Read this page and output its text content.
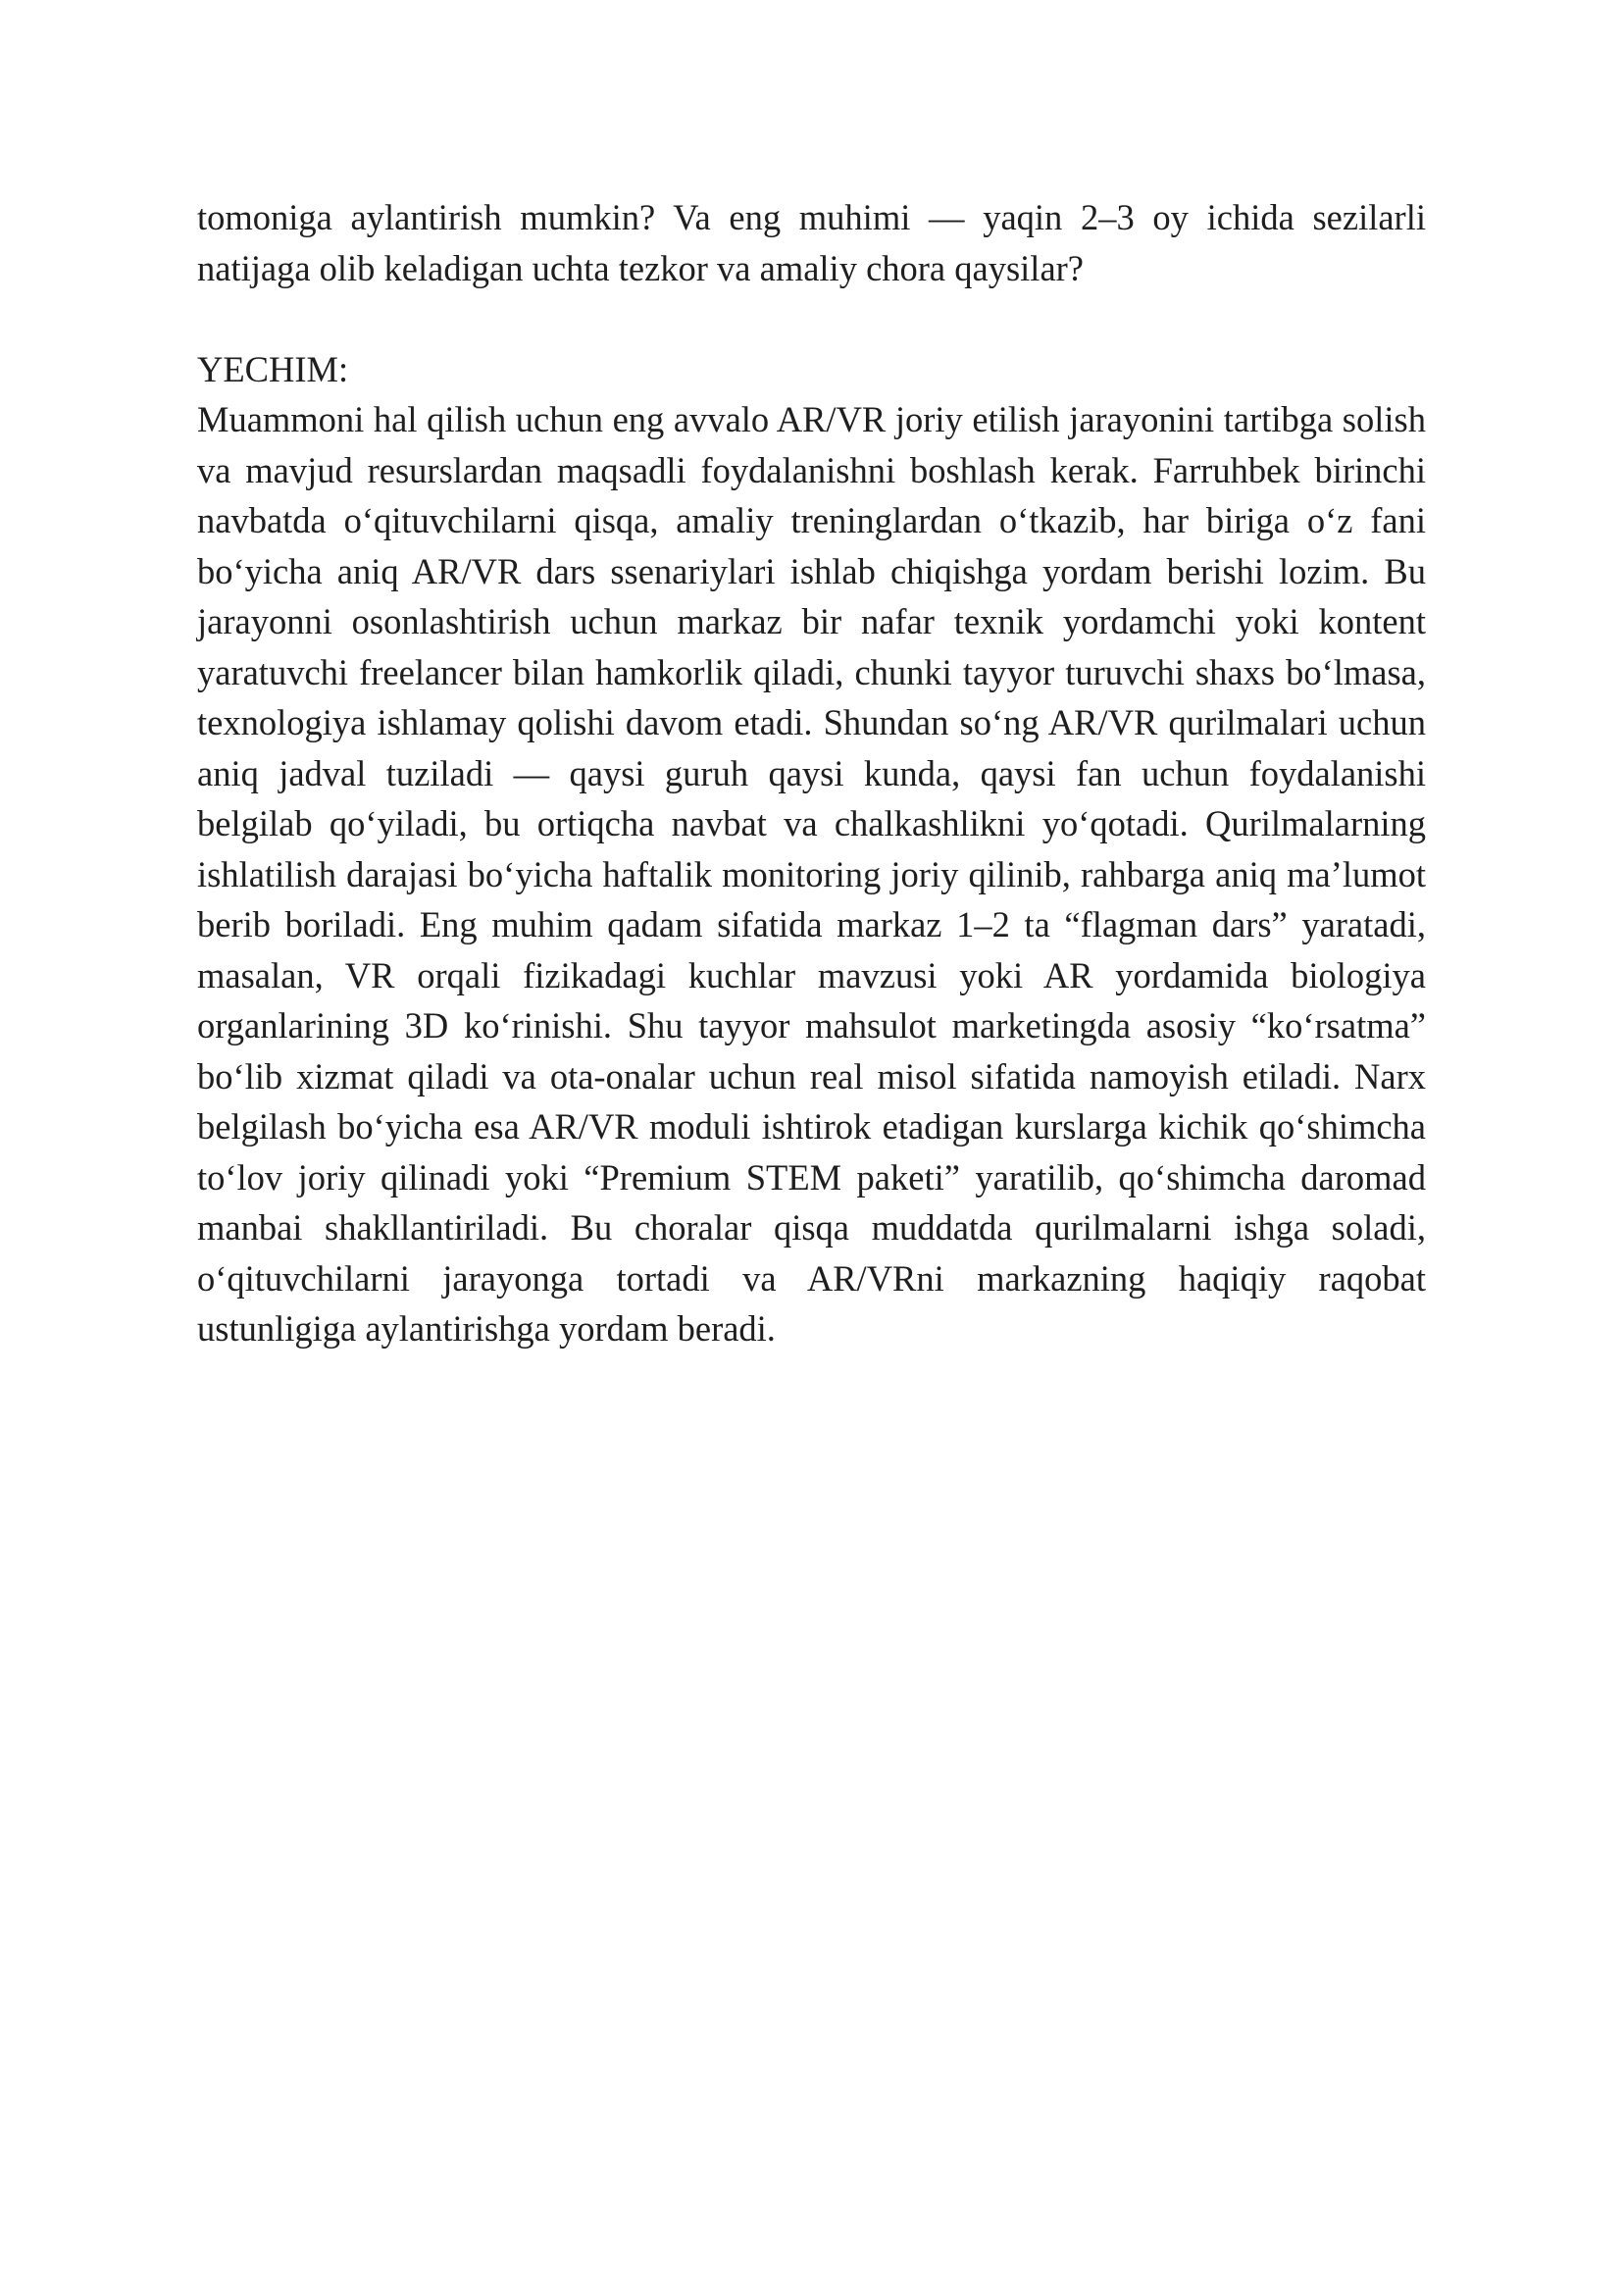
tomoniga aylantirish mumkin? Va eng muhimi — yaqin 2–3 oy ichida sezilarli natijaga olib keladigan uchta tezkor va amaliy chora qaysilar?

YECHIM:

Muammoni hal qilish uchun eng avvalo AR/VR joriy etilish jarayonini tartibga solish va mavjud resurslardan maqsadli foydalanishni boshlash kerak. Farruhbek birinchi navbatda o‘qituvchilarni qisqa, amaliy treninglardan o‘tkazib, har biriga o‘z fani bo‘yicha aniq AR/VR dars ssenariylari ishlab chiqishga yordam berishi lozim. Bu jarayonni osonlashtirish uchun markaz bir nafar texnik yordamchi yoki kontent yaratuvchi freelancer bilan hamkorlik qiladi, chunki tayyor turuvchi shaxs bo‘lmasa, texnologiya ishlamay qolishi davom etadi. Shundan so‘ng AR/VR qurilmalari uchun aniq jadval tuziladi — qaysi guruh qaysi kunda, qaysi fan uchun foydalanishi belgilab qo‘yiladi, bu ortiqcha navbat va chalkashlikni yo‘qotadi. Qurilmalarning ishlatilish darajasi bo‘yicha haftalik monitoring joriy qilinib, rahbarga aniq ma’lumot berib boriladi. Eng muhim qadam sifatida markaz 1–2 ta “flagman dars” yaratadi, masalan, VR orqali fizikadagi kuchlar mavzusi yoki AR yordamida biologiya organlarining 3D ko‘rinishi. Shu tayyor mahsulot marketingda asosiy “ko‘rsatma” bo‘lib xizmat qiladi va ota-onalar uchun real misol sifatida namoyish etiladi. Narx belgilash bo‘yicha esa AR/VR moduli ishtirok etadigan kurslarga kichik qo‘shimcha to‘lov joriy qilinadi yoki “Premium STEM paketi” yaratilib, qo‘shimcha daromad manbai shakllantiriladi. Bu choralar qisqa muddatda qurilmalarni ishga soladi, o‘qituvchilarni jarayonga tortadi va AR/VRni markazning haqiqiy raqobat ustunligiga aylantirishga yordam beradi.
